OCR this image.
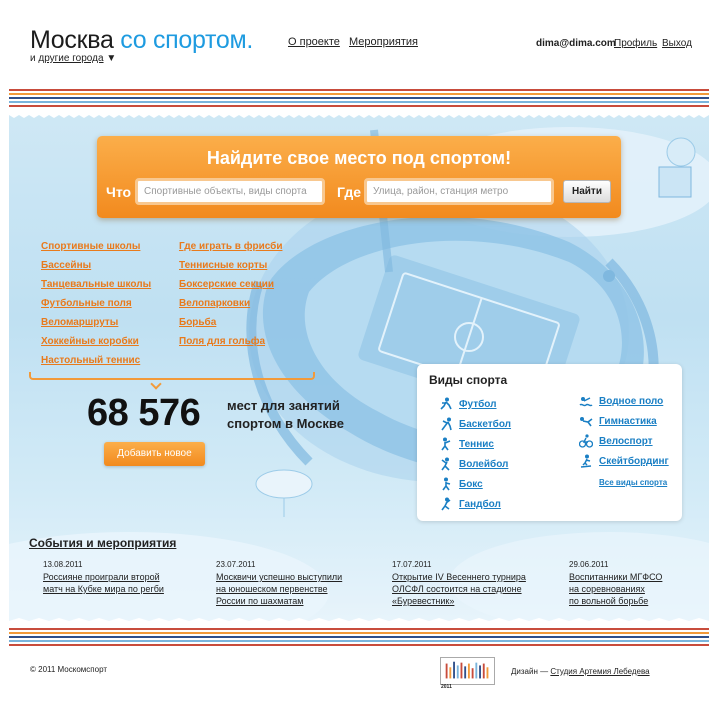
Москва со спортом.
и другие города ▼
О проекте Мероприятия	dima@dima.com
Профиль Выход
Найдите свое место под спортом!
Что	Спортивные объекты, виды спорта	Где	Улица, район, станция метро	Найти
Спортивные школы
Бассейны
Танцевальные школы
Футбольные поля
Веломаршруты
Хоккейные коробки
Настольный теннис
Где играть в фрисби
Теннисные корты
Боксерские секции
Велопарковки
Борьба
Поля для гольфа
68 576 мест для занятий
спортом в Москве
Добавить новое
Виды спорта
Футбол
Баскетбол
Теннис
Волейбол
Бокс
Гандбол
Водное поло
Гимнастика
Велоспорт
Скейтбординг
Все виды спорта
События и мероприятия
13.08.2011
Россияне проиграли второй
матч на Кубке мира по регби
23.07.2011
Москвичи успешно выступили
на юношеском первенстве
России по шахматам
17.07.2011
Открытие IV Весеннего турнира
ОЛСФЛ состоится на стадионе
«Буревестник»
29.06.2011
Воспитанники МГФСО
на соревнованиях
по вольной борьбе
© 2011 Москомспорт
2011
Дизайн — Студия Артемия Лебедева
